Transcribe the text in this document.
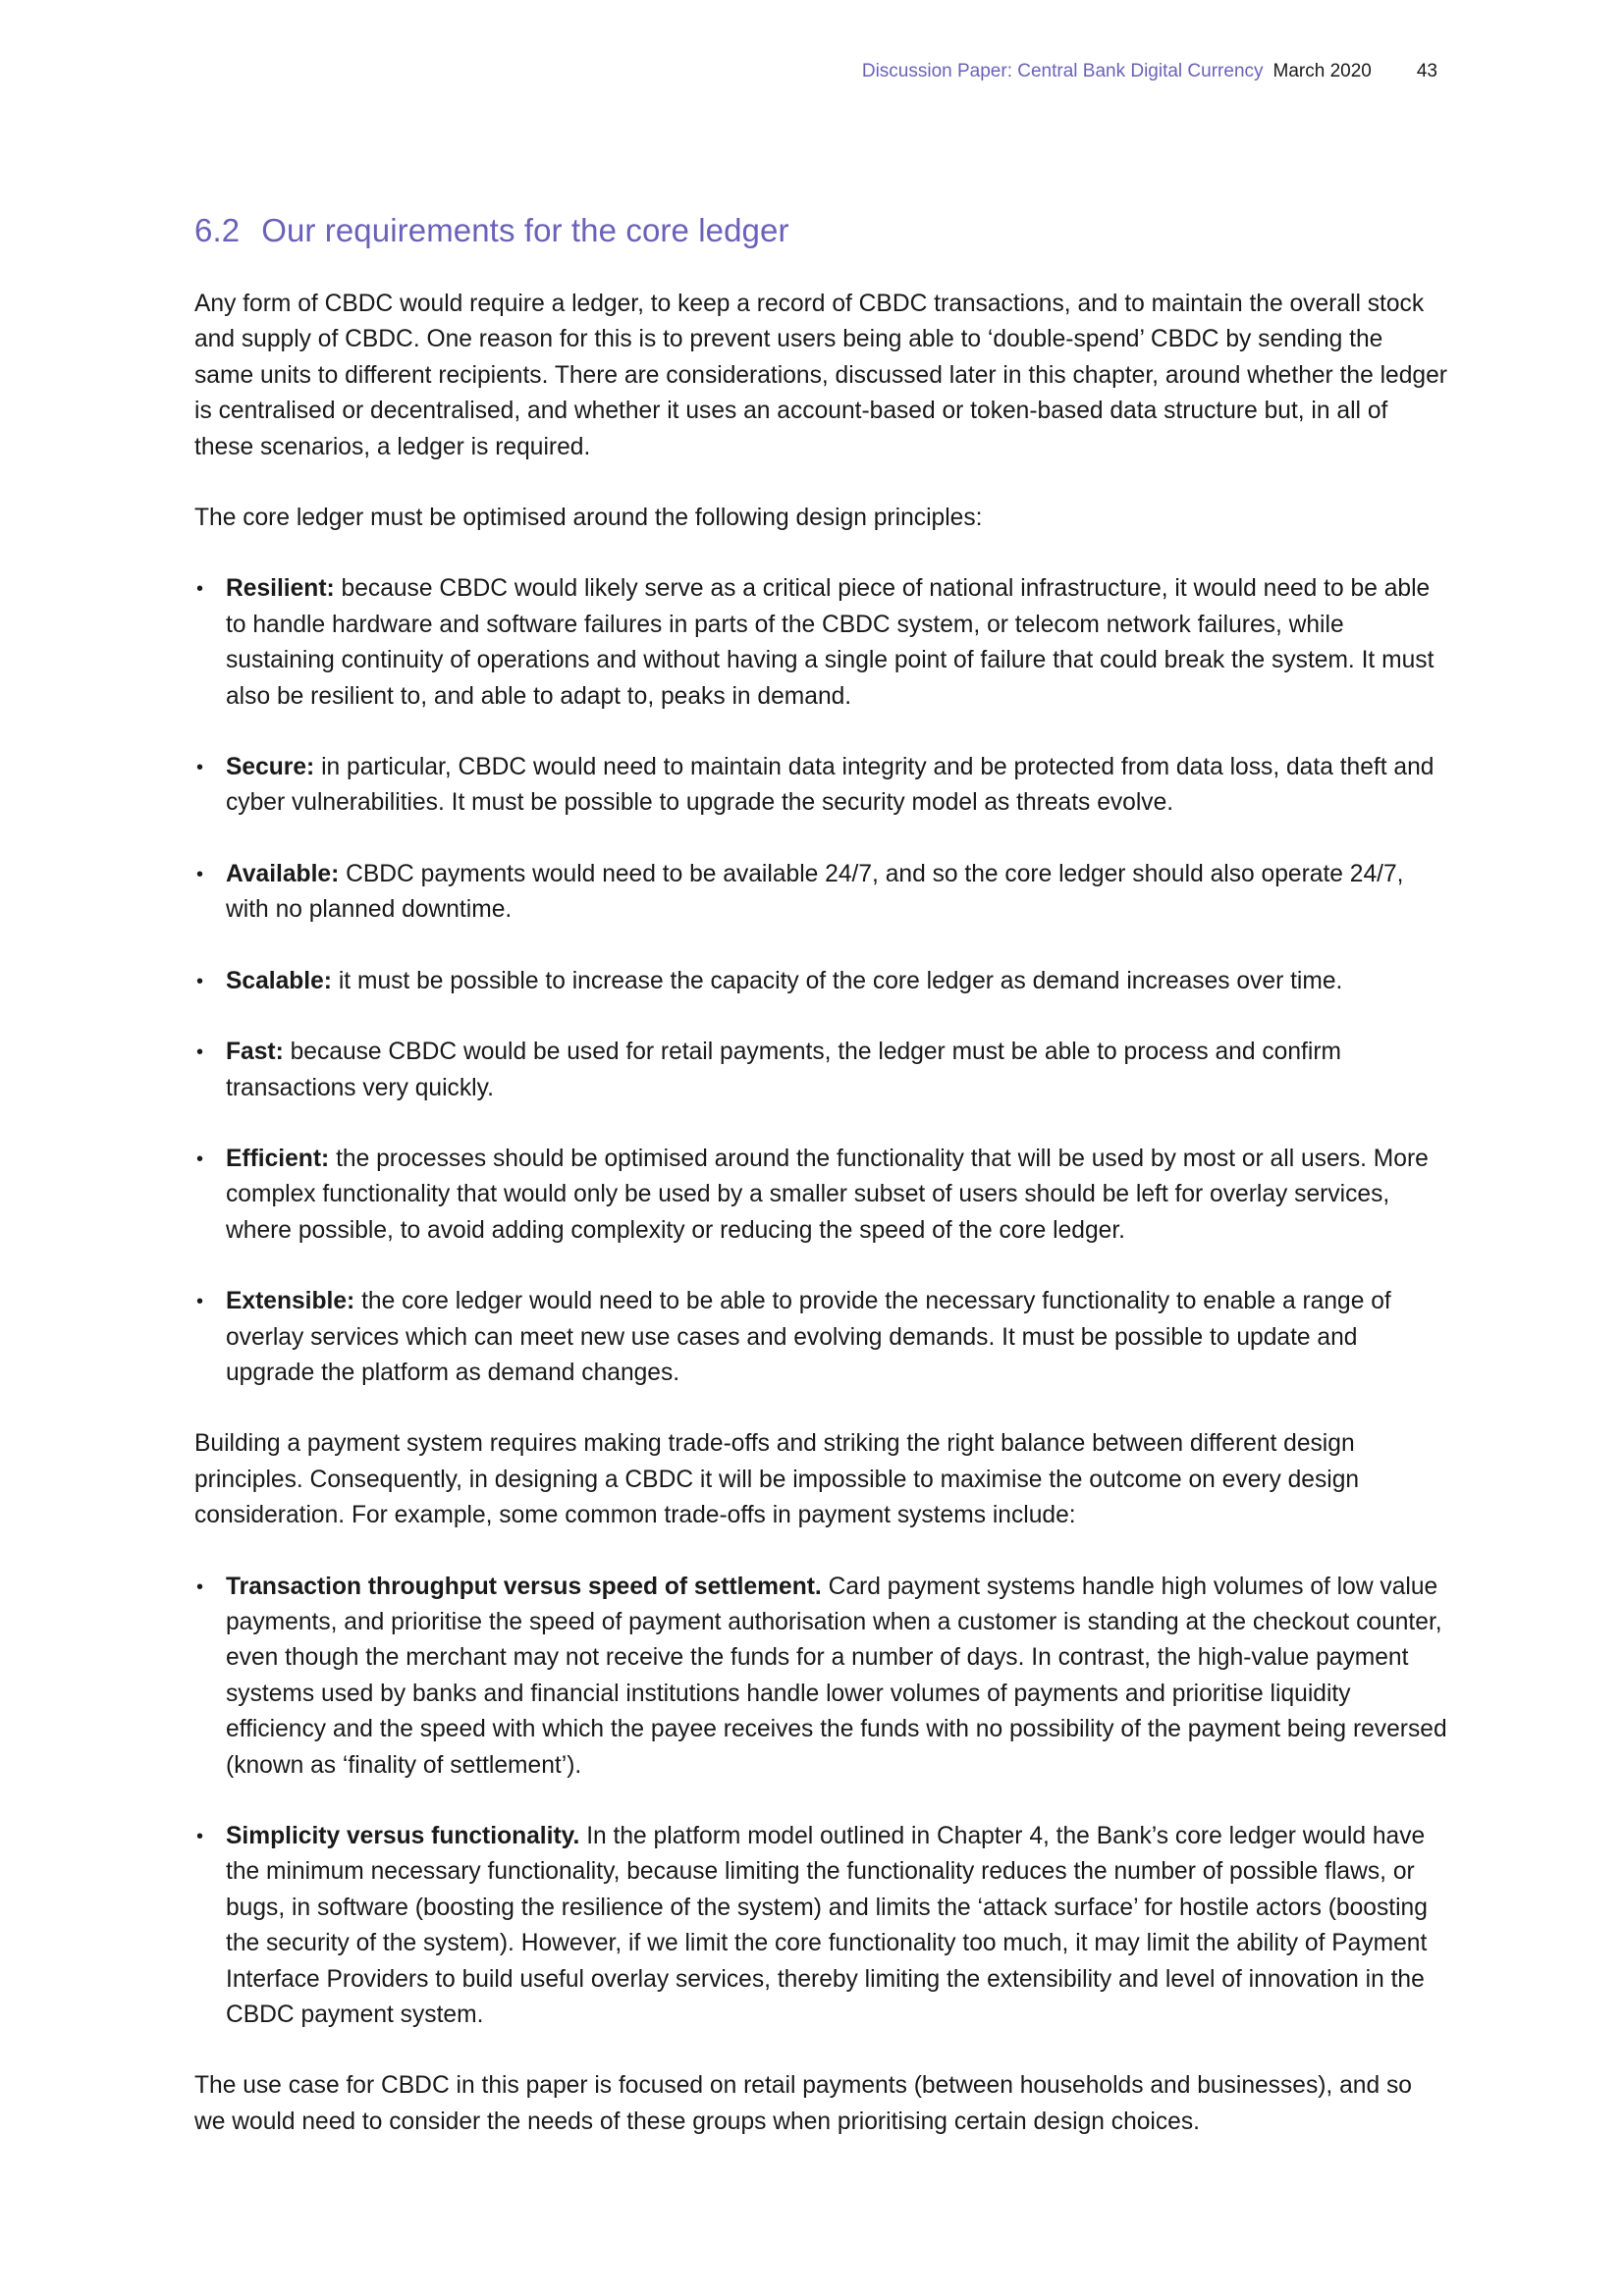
Discussion Paper: Central Bank Digital Currency March 2020 43
6.2 Our requirements for the core ledger

Any form of CBDC would require a ledger, to keep a record of CBDC transactions, and to maintain the overall stock and supply of CBDC. One reason for this is to prevent users being able to ‘double-spend’ CBDC by sending the same units to different recipients. There are considerations, discussed later in this chapter, around whether the ledger is centralised or decentralised, and whether it uses an account-based or token-based data structure but, in all of these scenarios, a ledger is required.

The core ledger must be optimised around the following design principles:

• Resilient: because CBDC would likely serve as a critical piece of national infrastructure, it would need to be able to handle hardware and software failures in parts of the CBDC system, or telecom network failures, while sustaining continuity of operations and without having a single point of failure that could break the system. It must also be resilient to, and able to adapt to, peaks in demand.
• Secure: in particular, CBDC would need to maintain data integrity and be protected from data loss, data theft and cyber vulnerabilities. It must be possible to upgrade the security model as threats evolve.
• Available: CBDC payments would need to be available 24/7, and so the core ledger should also operate 24/7, with no planned downtime.
• Scalable: it must be possible to increase the capacity of the core ledger as demand increases over time.
• Fast: because CBDC would be used for retail payments, the ledger must be able to process and confirm transactions very quickly.
• Efficient: the processes should be optimised around the functionality that will be used by most or all users. More complex functionality that would only be used by a smaller subset of users should be left for overlay services, where possible, to avoid adding complexity or reducing the speed of the core ledger.
• Extensible: the core ledger would need to be able to provide the necessary functionality to enable a range of overlay services which can meet new use cases and evolving demands. It must be possible to update and upgrade the platform as demand changes.

Building a payment system requires making trade-offs and striking the right balance between different design principles. Consequently, in designing a CBDC it will be impossible to maximise the outcome on every design consideration. For example, some common trade-offs in payment systems include:

• Transaction throughput versus speed of settlement. Card payment systems handle high volumes of low value payments, and prioritise the speed of payment authorisation when a customer is standing at the checkout counter, even though the merchant may not receive the funds for a number of days. In contrast, the high-value payment systems used by banks and financial institutions handle lower volumes of payments and prioritise liquidity efficiency and the speed with which the payee receives the funds with no possibility of the payment being reversed (known as ‘finality of settlement’).
• Simplicity versus functionality. In the platform model outlined in Chapter 4, the Bank’s core ledger would have the minimum necessary functionality, because limiting the functionality reduces the number of possible flaws, or bugs, in software (boosting the resilience of the system) and limits the ‘attack surface’ for hostile actors (boosting the security of the system). However, if we limit the core functionality too much, it may limit the ability of Payment Interface Providers to build useful overlay services, thereby limiting the extensibility and level of innovation in the CBDC payment system.

The use case for CBDC in this paper is focused on retail payments (between households and businesses), and so we would need to consider the needs of these groups when prioritising certain design choices.
